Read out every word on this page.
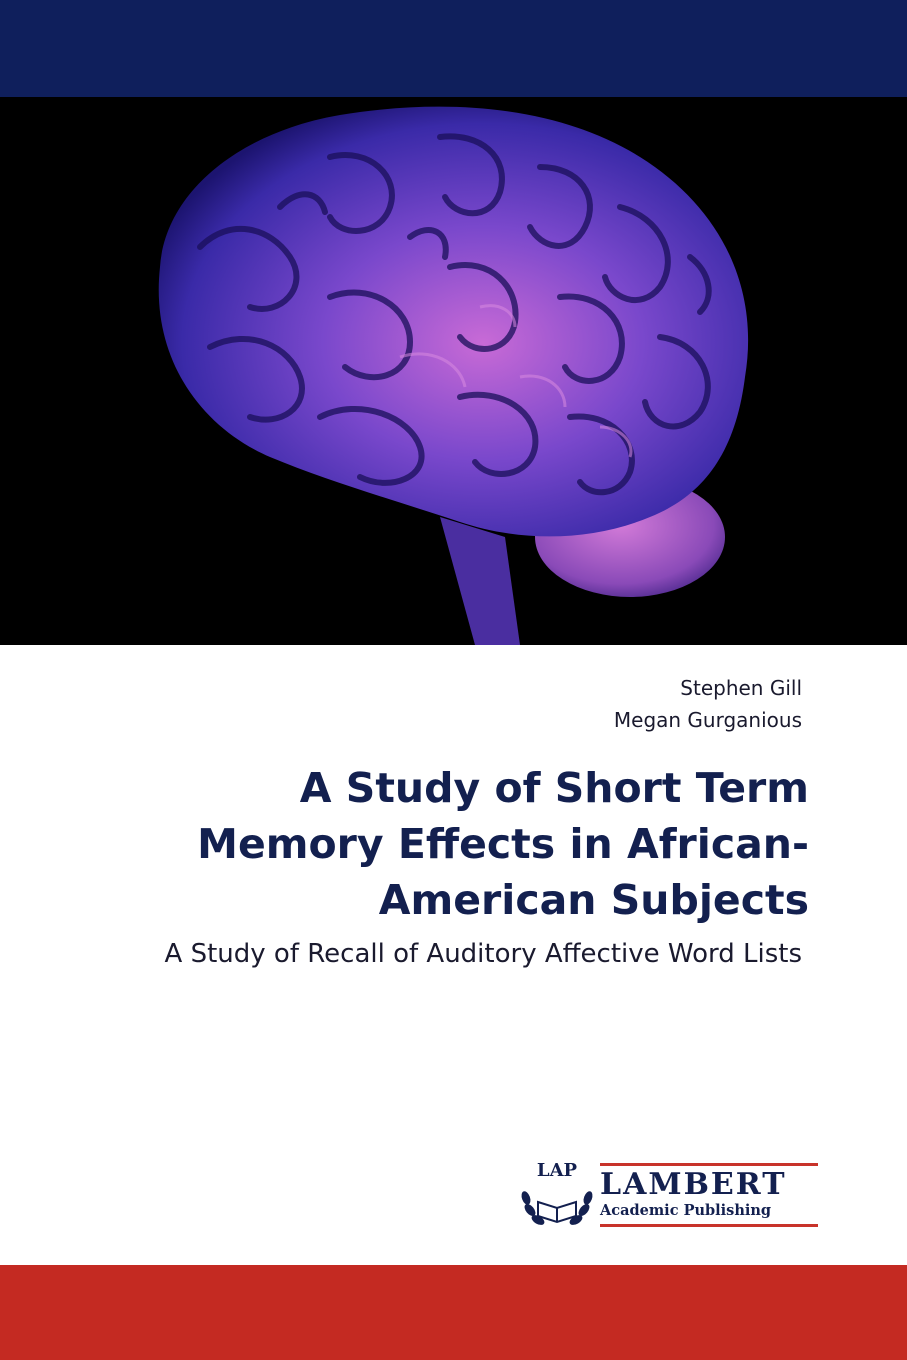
Stephen Gill
Megan Gurganious
A Study of Short Term Memory Effects in African-American Subjects
A Study of Recall of Auditory Affective Word Lists
LAP LAMBERT
Academic Publishing
